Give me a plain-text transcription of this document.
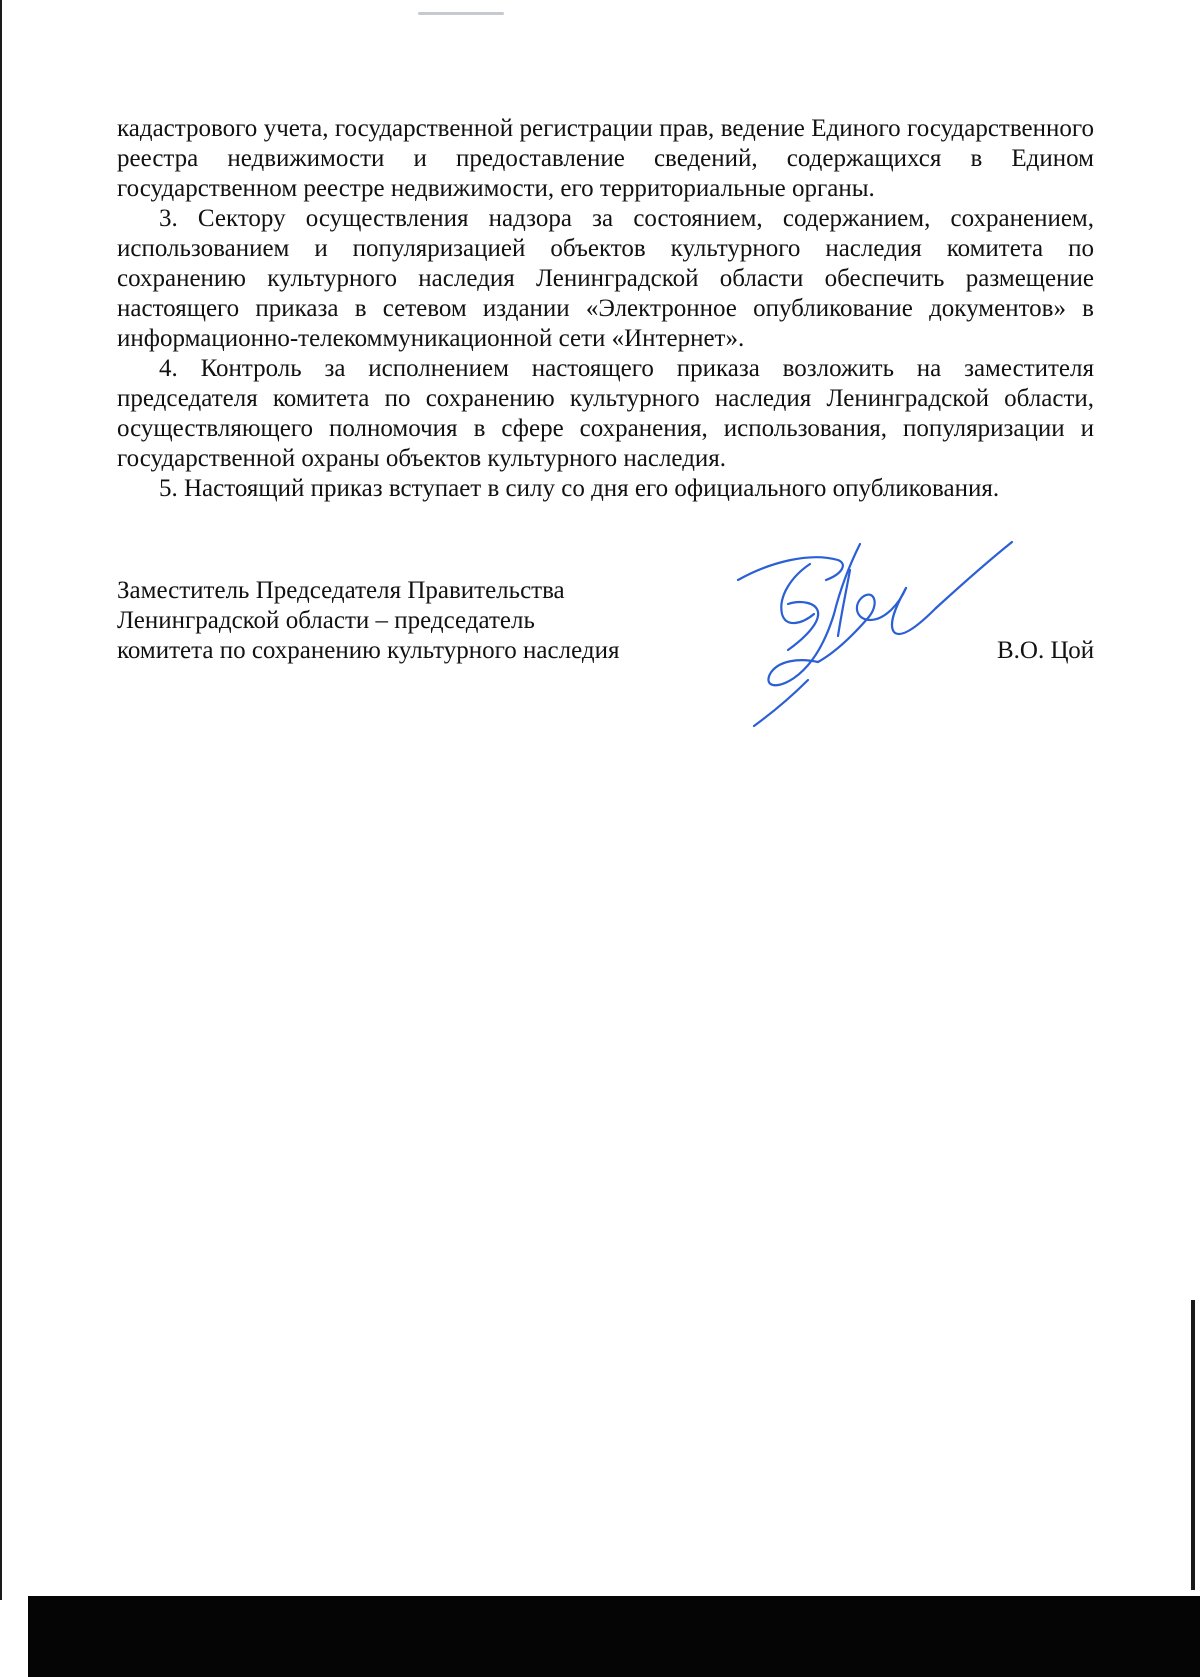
кадастрового учета, государственной регистрации прав, ведение Единого государственного реестра недвижимости и предоставление сведений, содержащихся в Едином государственном реестре недвижимости, его территориальные органы.

3. Сектору осуществления надзора за состоянием, содержанием, сохранением, использованием и популяризацией объектов культурного наследия комитета по сохранению культурного наследия Ленинградской области обеспечить размещение настоящего приказа в сетевом издании «Электронное опубликование документов» в информационно-телекоммуникационной сети «Интернет».

4. Контроль за исполнением настоящего приказа возложить на заместителя председателя комитета по сохранению культурного наследия Ленинградской области, осуществляющего полномочия в сфере сохранения, использования, популяризации и государственной охраны объектов культурного наследия.

5. Настоящий приказ вступает в силу со дня его официального опубликования.

Заместитель Председателя Правительства
Ленинградской области – председатель
комитета по сохранению культурного наследия	В.О. Цой
